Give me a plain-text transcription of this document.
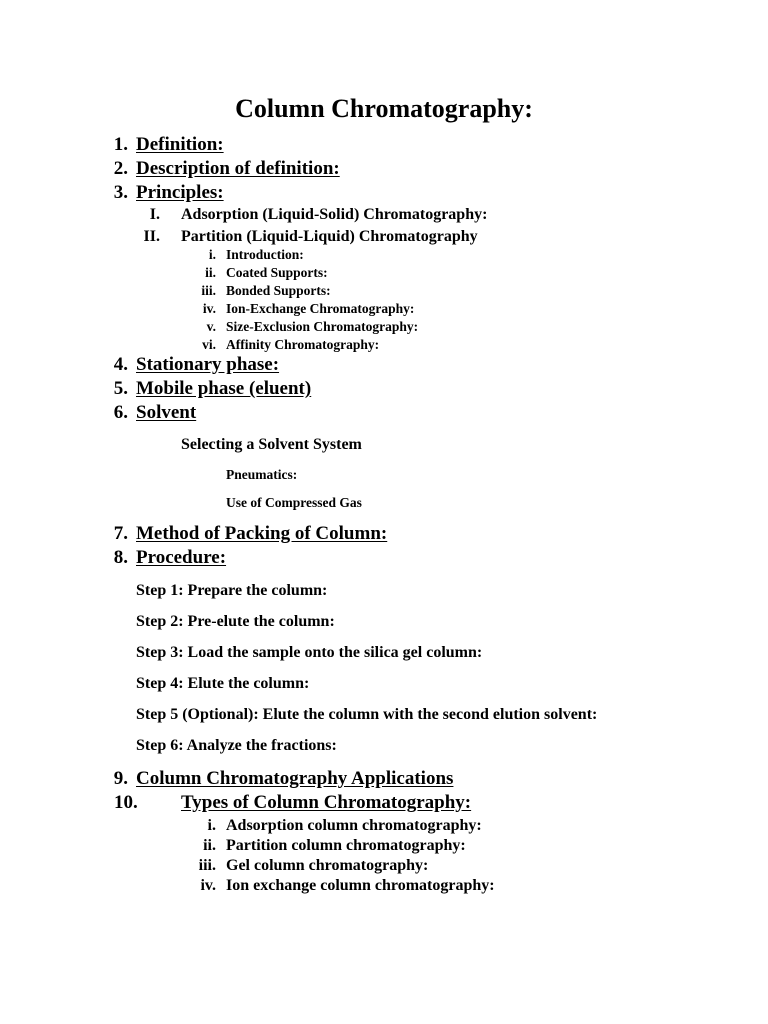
Column Chromatography:
1. Definition:
2. Description of definition:
3. Principles:
I. Adsorption (Liquid-Solid) Chromatography:
II. Partition (Liquid-Liquid) Chromatography
i. Introduction:
ii. Coated Supports:
iii. Bonded Supports:
iv. Ion-Exchange Chromatography:
v. Size-Exclusion Chromatography:
vi. Affinity Chromatography:
4. Stationary phase:
5. Mobile phase (eluent)
6. Solvent
Selecting a Solvent System
Pneumatics:
Use of Compressed Gas
7. Method of Packing of Column:
8. Procedure:
Step 1: Prepare the column:
Step 2: Pre-elute the column:
Step 3: Load the sample onto the silica gel column:
Step 4: Elute the column:
Step 5 (Optional): Elute the column with the second elution solvent:
Step 6: Analyze the fractions:
9. Column Chromatography Applications
10.	Types of Column Chromatography:
i. Adsorption column chromatography:
ii. Partition column chromatography:
iii. Gel column chromatography:
iv. Ion exchange column chromatography:
